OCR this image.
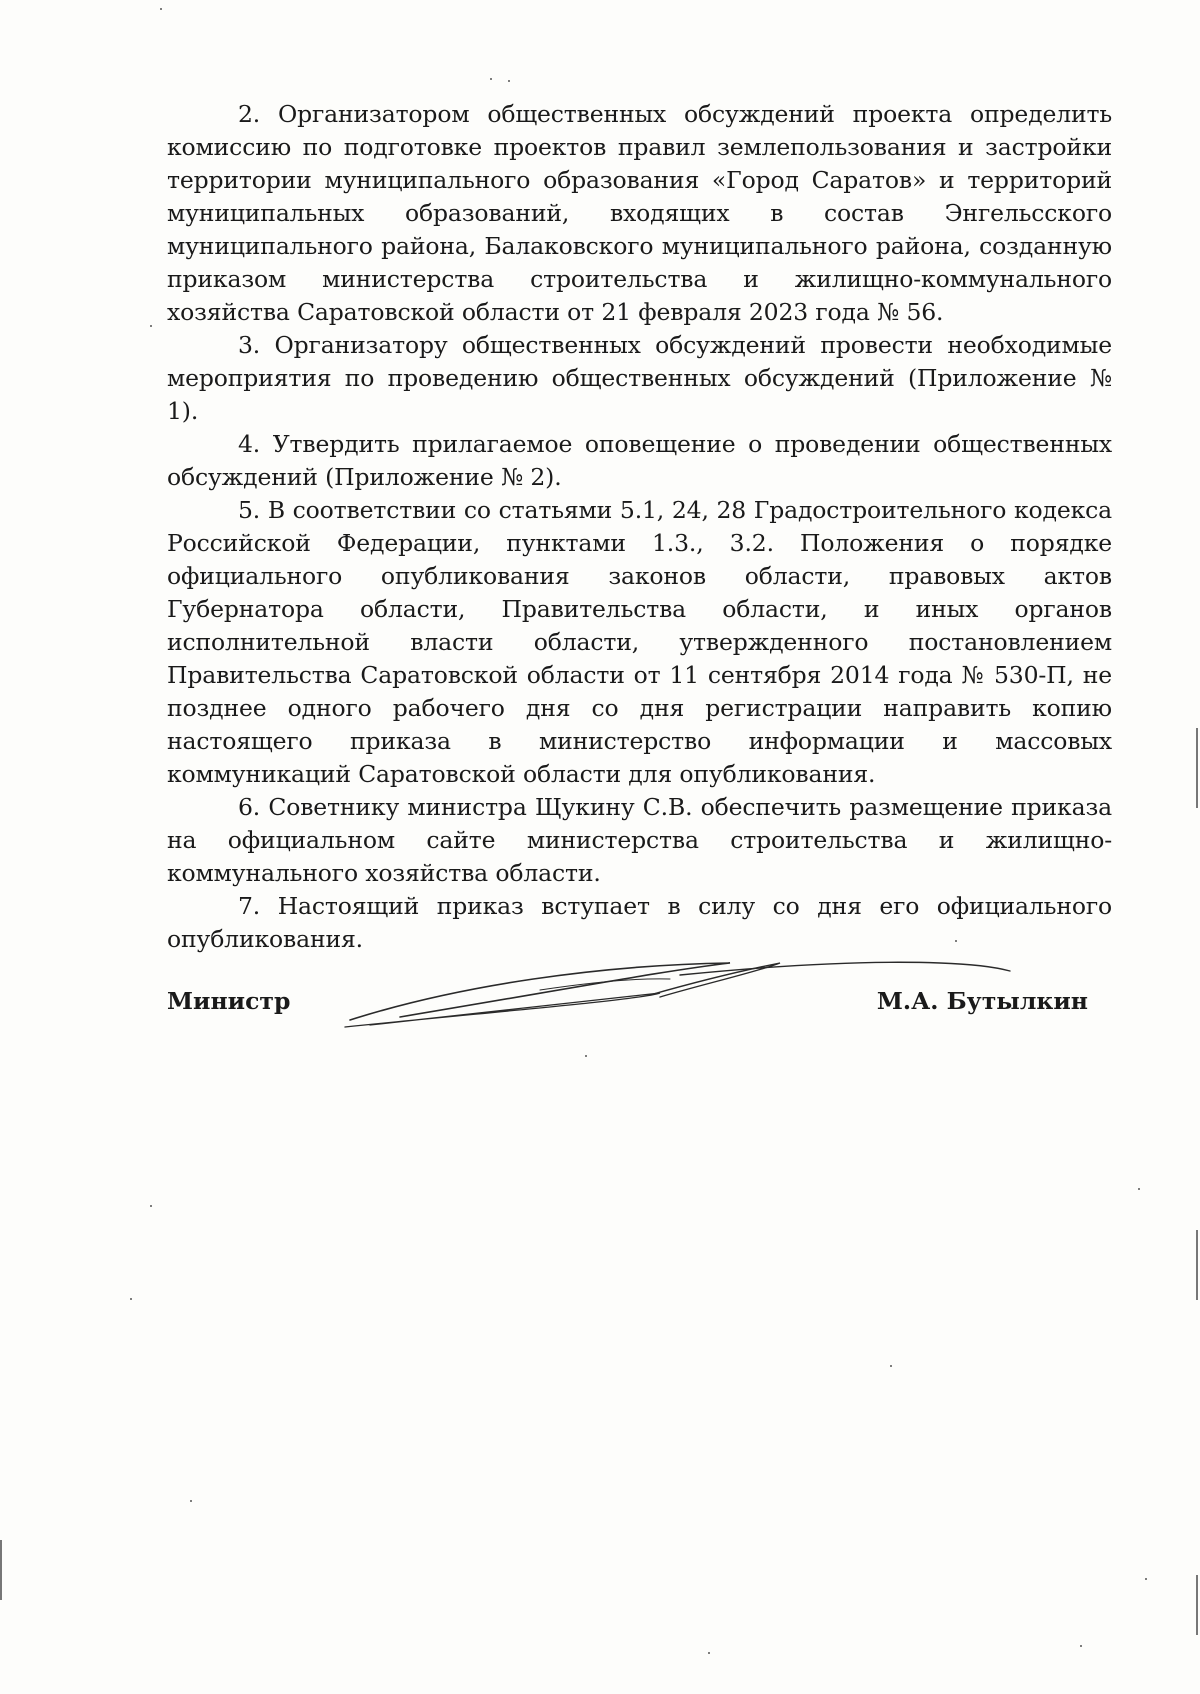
2. Организатором общественных обсуждений проекта определить комиссию по подготовке проектов правил землепользования и застройки территории муниципального образования «Город Саратов» и территорий муниципальных образований, входящих в состав Энгельсского муниципального района, Балаковского муниципального района, созданную приказом министерства строительства и жилищно-коммунального хозяйства Саратовской области от 21 февраля 2023 года № 56.

3. Организатору общественных обсуждений провести необходимые мероприятия по проведению общественных обсуждений (Приложение № 1).

4. Утвердить прилагаемое оповещение о проведении общественных обсуждений (Приложение № 2).

5. В соответствии со статьями 5.1, 24, 28 Градостроительного кодекса Российской Федерации, пунктами 1.3., 3.2. Положения о порядке официального опубликования законов области, правовых актов Губернатора области, Правительства области, и иных органов исполнительной власти области, утвержденного постановлением Правительства Саратовской области от 11 сентября 2014 года № 530-П, не позднее одного рабочего дня со дня регистрации направить копию настоящего приказа в министерство информации и массовых коммуникаций Саратовской области для опубликования.

6. Советнику министра Щукину С.В. обеспечить размещение приказа на официальном сайте министерства строительства и жилищно-коммунального хозяйства области.

7. Настоящий приказ вступает в силу со дня его официального опубликования.

Министр	М.А. Бутылкин
